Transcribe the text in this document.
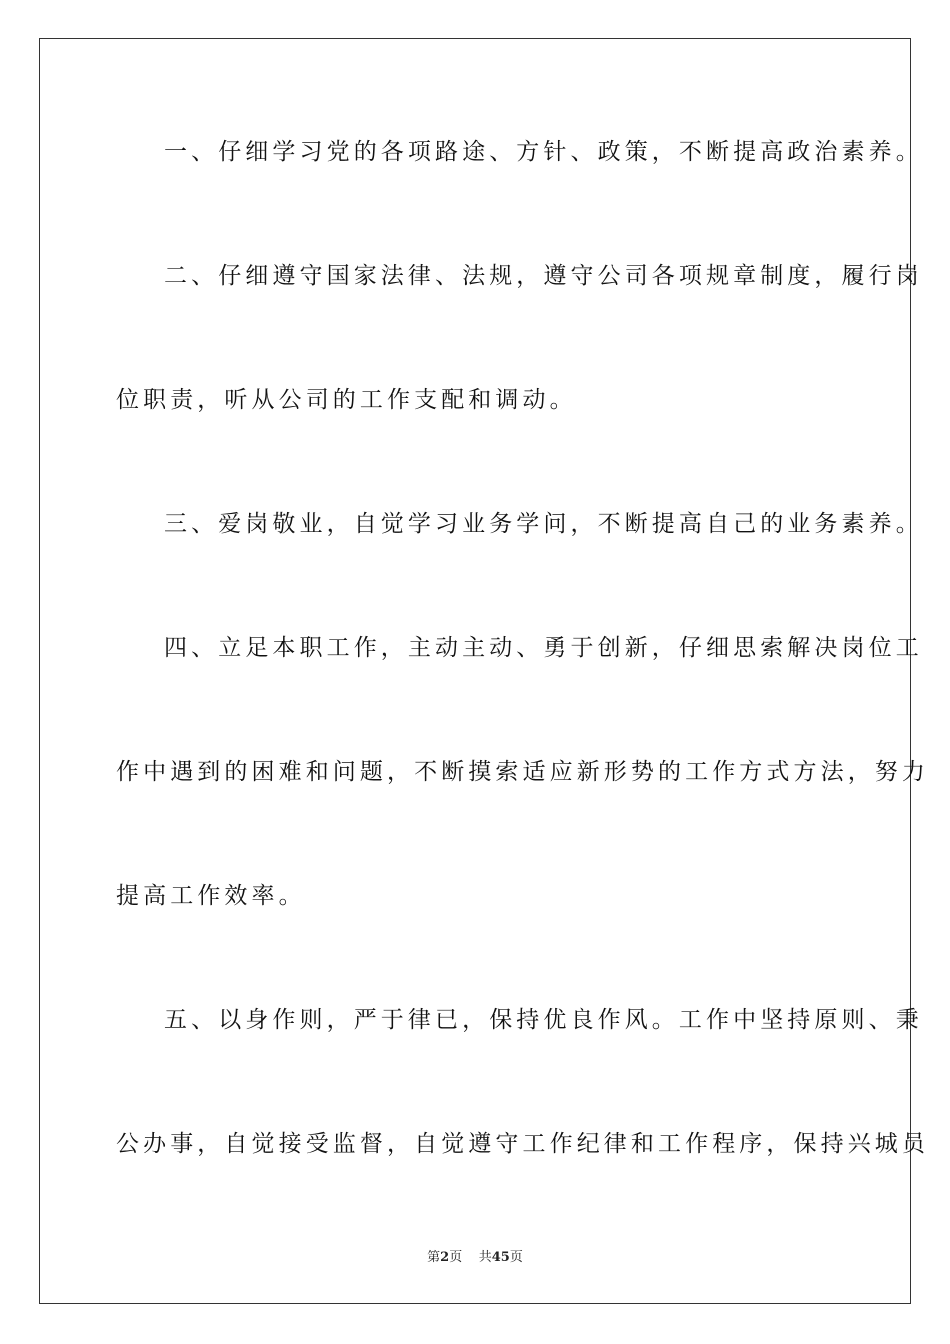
一、仔细学习党的各项路途、方针、政策，不断提高政治素养。
二、仔细遵守国家法律、法规，遵守公司各项规章制度，履行岗
位职责，听从公司的工作支配和调动。
三、爱岗敬业，自觉学习业务学问，不断提高自己的业务素养。
四、立足本职工作，主动主动、勇于创新，仔细思索解决岗位工
作中遇到的困难和问题，不断摸索适应新形势的工作方式方法，努力
提高工作效率。
五、以身作则，严于律已，保持优良作风。工作中坚持原则、秉
公办事，自觉接受监督，自觉遵守工作纪律和工作程序，保持兴城员
第2页 共45页
